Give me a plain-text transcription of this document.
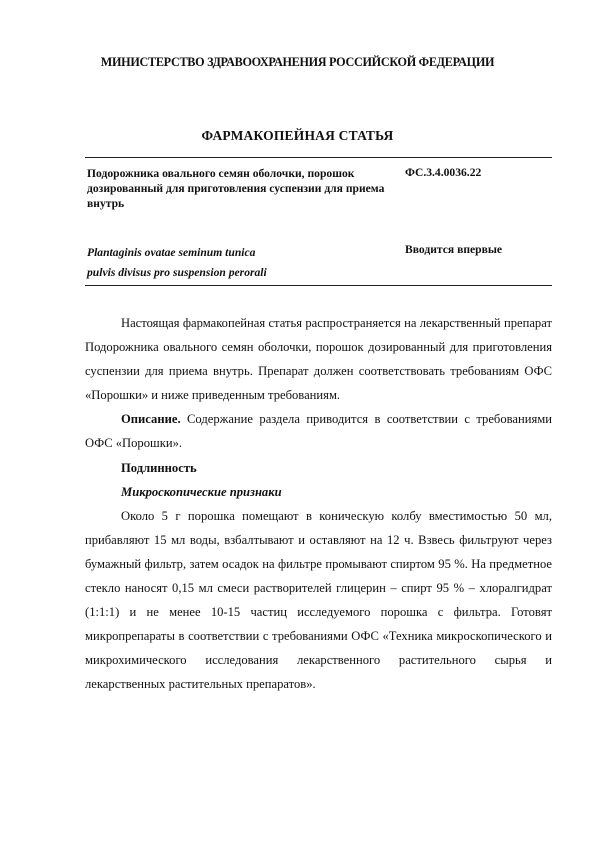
МИНИСТЕРСТВО ЗДРАВООХРАНЕНИЯ РОССИЙСКОЙ ФЕДЕРАЦИИ
ФАРМАКОПЕЙНАЯ СТАТЬЯ
Подорожника овального семян оболочки, порошок дозированный для приготовления суспензии для приема внутрь
ФС.3.4.0036.22
Plantaginis ovatae seminum tunica
pulvis divisus pro suspension perorali
Вводится впервые

Настоящая фармакопейная статья распространяется на лекарственный препарат Подорожника овального семян оболочки, порошок дозированный для приготовления суспензии для приема внутрь. Препарат должен соответствовать требованиям ОФС «Порошки» и ниже приведенным требованиям.

Описание. Содержание раздела приводится в соответствии с требованиями ОФС «Порошки».

Подлинность

Микроскопические признаки

Около 5 г порошка помещают в коническую колбу вместимостью 50 мл, прибавляют 15 мл воды, взбалтывают и оставляют на 12 ч. Взвесь фильтруют через бумажный фильтр, затем осадок на фильтре промывают спиртом 95 %. На предметное стекло наносят 0,15 мл смеси растворителей глицерин – спирт 95 % – хлоралгидрат (1:1:1) и не менее 10-15 частиц исследуемого порошка с фильтра. Готовят микропрепараты в соответствии с требованиями ОФС «Техника микроскопического и микрохимического исследования лекарственного растительного сырья и лекарственных растительных препаратов».
